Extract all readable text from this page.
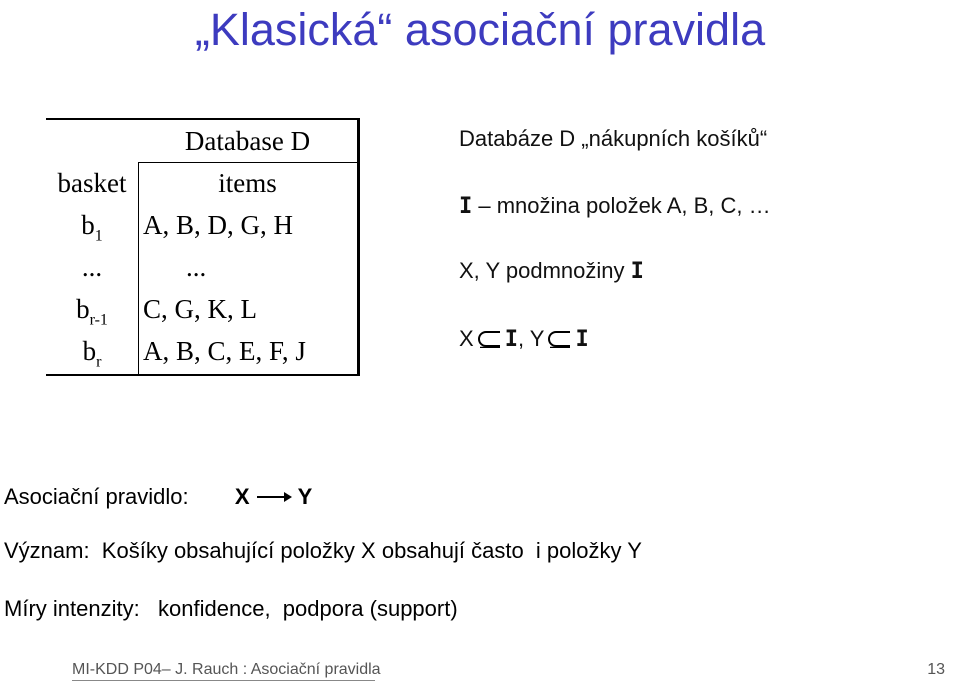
„Klasická“ asociační pravidla
Database D
basket	items
$b_1$	A, B, D, G, H
...	...
$b_{r-1}$	C, G, K, L
$b_r$	A, B, C, E, F, J
Databáze D „nákupních košíků“
I – množina položek A, B, C, …
X, Y podmnožiny I
X I, Y I
Asociační pravidlo: X Y
Význam:  Košíky obsahující položky X obsahují často  i položky Y
Míry intenzity:   konfidence,  podpora (support)
MI-KDD P04– J. Rauch : Asociační pravidla	13
